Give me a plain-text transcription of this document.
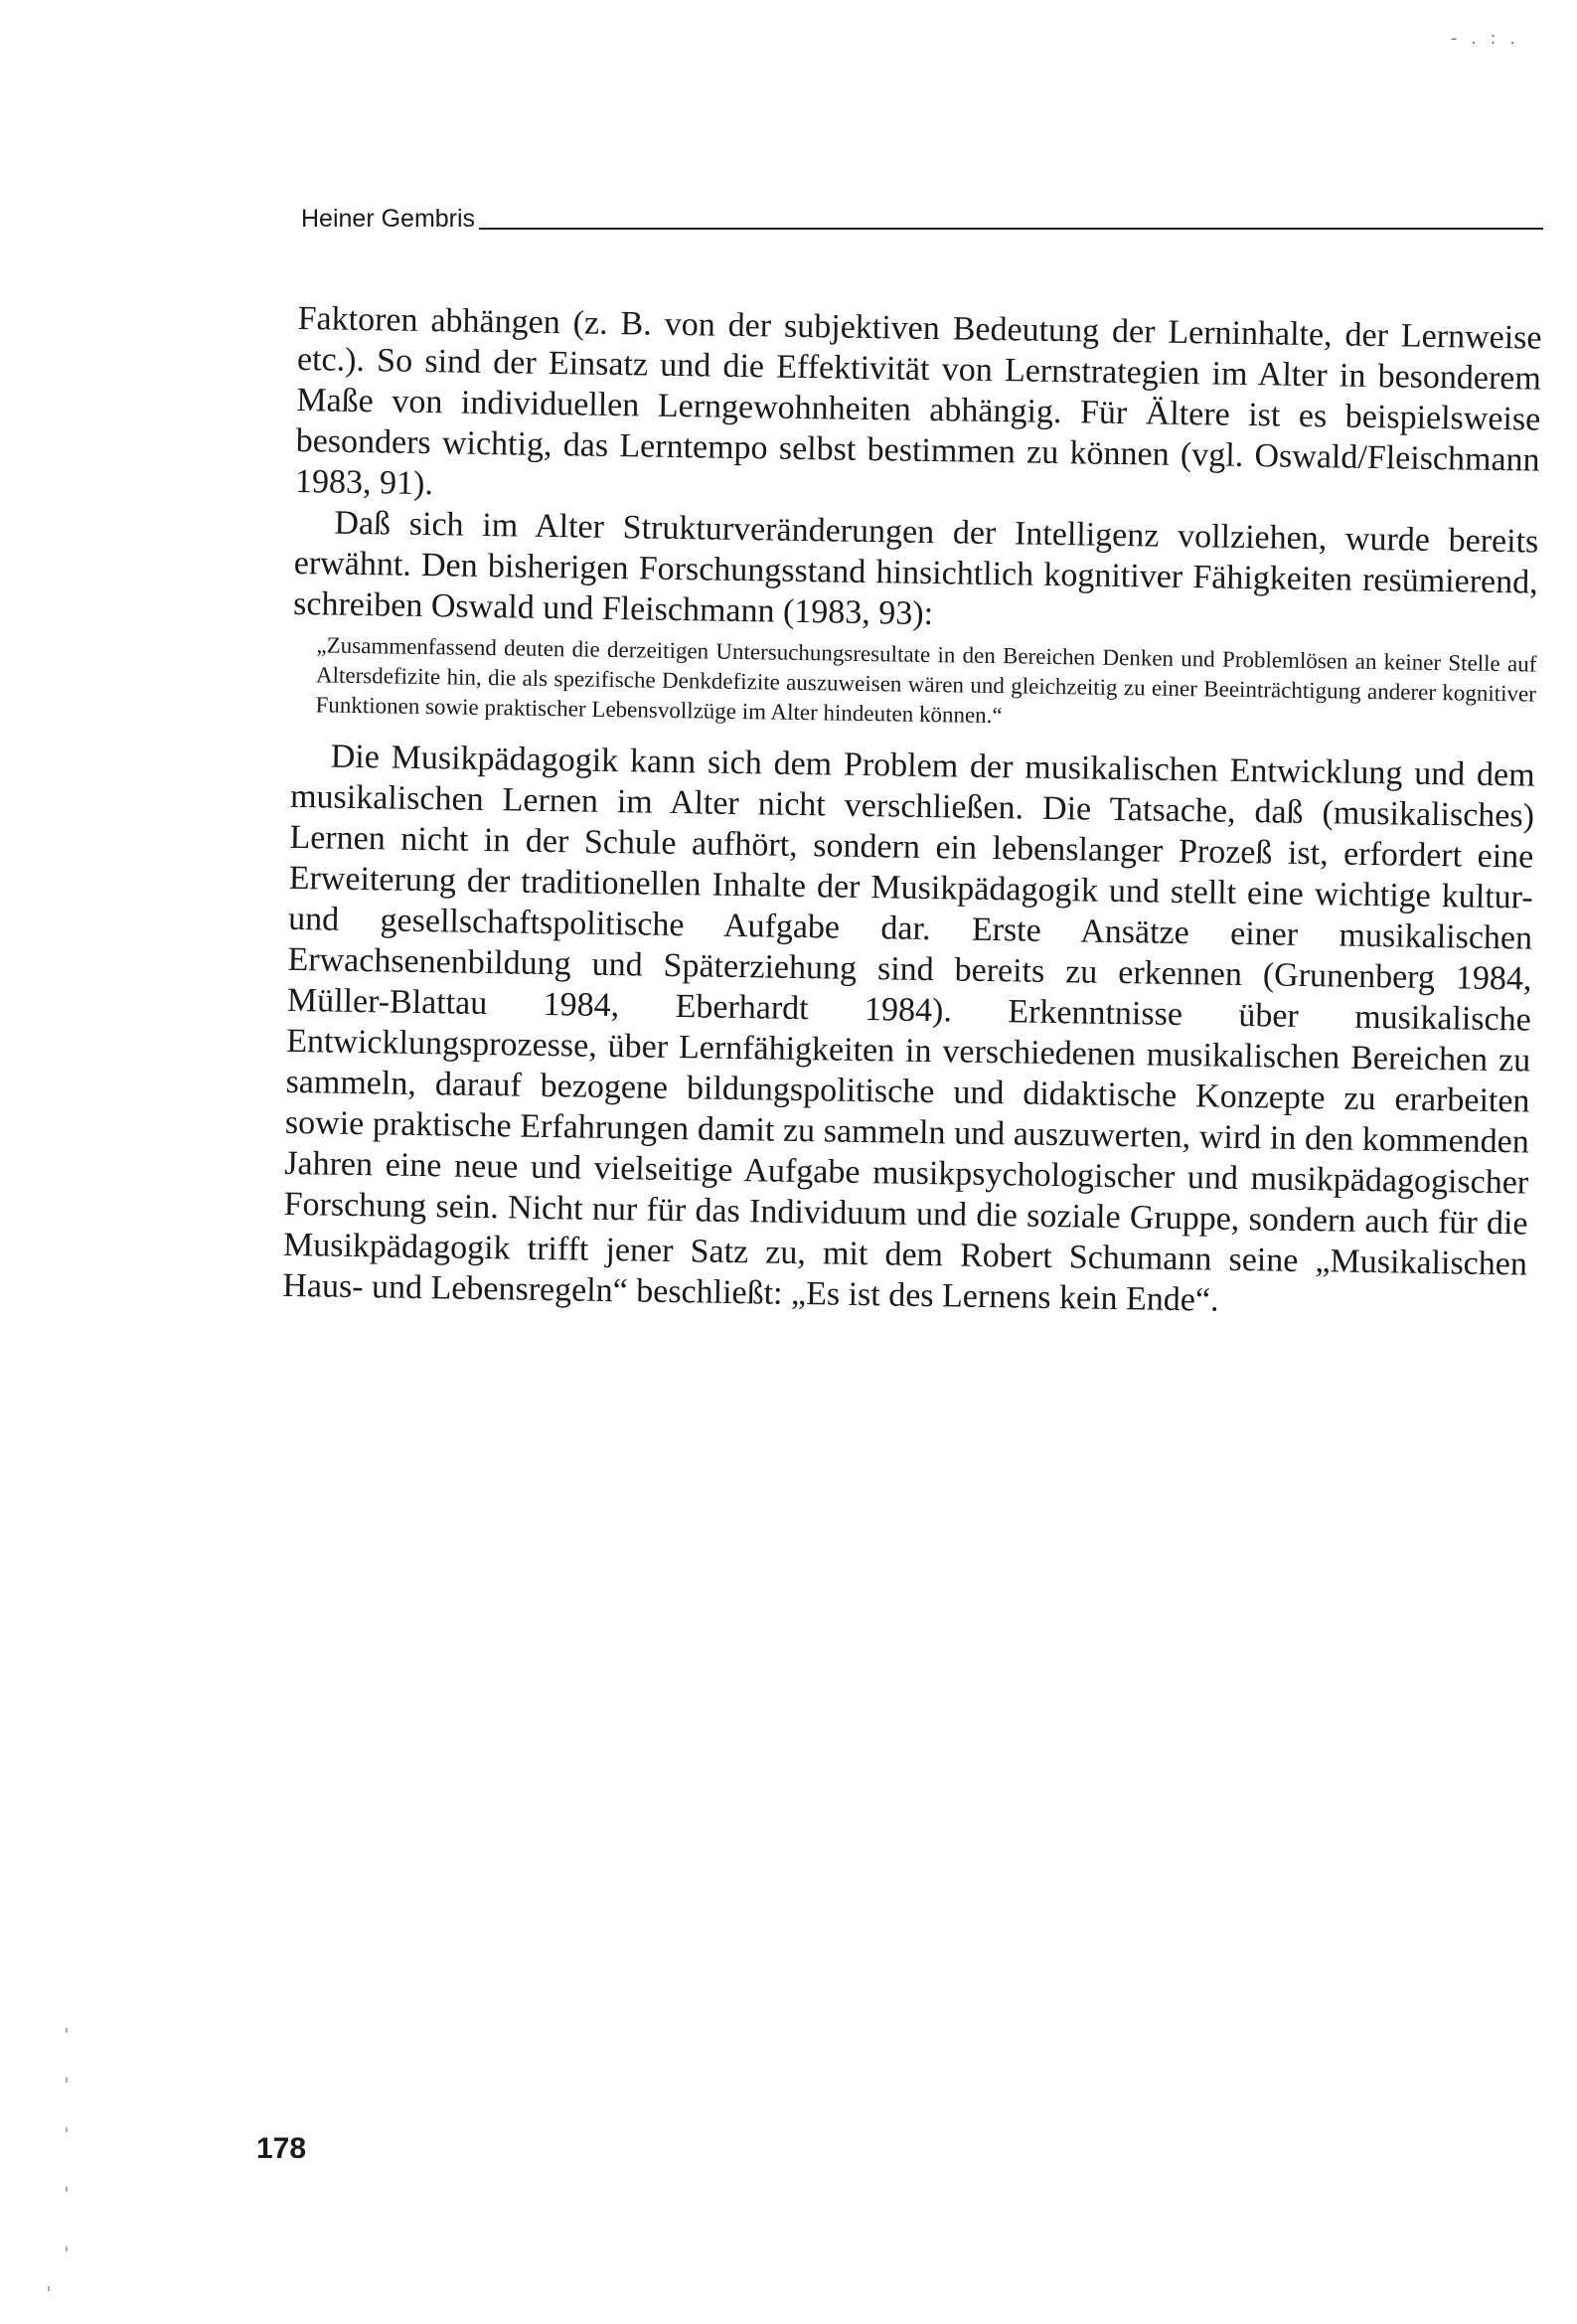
- . : .
Heiner Gembris

Faktoren abhängen (z. B. von der subjektiven Bedeutung der Lerninhalte, der Lernweise etc.). So sind der Einsatz und die Effektivität von Lernstrategien im Alter in besonderem Maße von individuellen Lerngewohnheiten abhängig. Für Ältere ist es beispielsweise besonders wichtig, das Lerntempo selbst bestimmen zu können (vgl. Oswald/Fleischmann 1983, 91).

Daß sich im Alter Strukturveränderungen der Intelligenz vollziehen, wurde bereits erwähnt. Den bisherigen Forschungsstand hinsichtlich kognitiver Fähigkeiten resümierend, schreiben Oswald und Fleischmann (1983, 93):

„Zusammenfassend deuten die derzeitigen Untersuchungsresultate in den Bereichen Denken und Problemlösen an keiner Stelle auf Altersdefizite hin, die als spezifische Denkdefizite auszuweisen wären und gleichzeitig zu einer Beeinträchtigung anderer kognitiver Funktionen sowie praktischer Lebensvollzüge im Alter hindeuten können.“

Die Musikpädagogik kann sich dem Problem der musikalischen Entwicklung und dem musikalischen Lernen im Alter nicht verschließen. Die Tatsache, daß (musikalisches) Lernen nicht in der Schule aufhört, sondern ein lebenslanger Prozeß ist, erfordert eine Erweiterung der traditionellen Inhalte der Musikpädagogik und stellt eine wichtige kultur- und gesellschaftspolitische Aufgabe dar. Erste Ansätze einer musikalischen Erwachsenenbildung und Späterziehung sind bereits zu erkennen (Grunenberg 1984, Müller-Blattau 1984, Eberhardt 1984). Erkenntnisse über musikalische Entwicklungsprozesse, über Lernfähigkeiten in verschiedenen musikalischen Bereichen zu sammeln, darauf bezogene bildungspolitische und didaktische Konzepte zu erarbeiten sowie praktische Erfahrungen damit zu sammeln und auszuwerten, wird in den kommenden Jahren eine neue und vielseitige Aufgabe musikpsychologischer und musikpädagogischer Forschung sein. Nicht nur für das Individuum und die soziale Gruppe, sondern auch für die Musikpädagogik trifft jener Satz zu, mit dem Robert Schumann seine „Musikalischen Haus- und Lebensregeln“ beschließt: „Es ist des Lernens kein Ende“.

178
